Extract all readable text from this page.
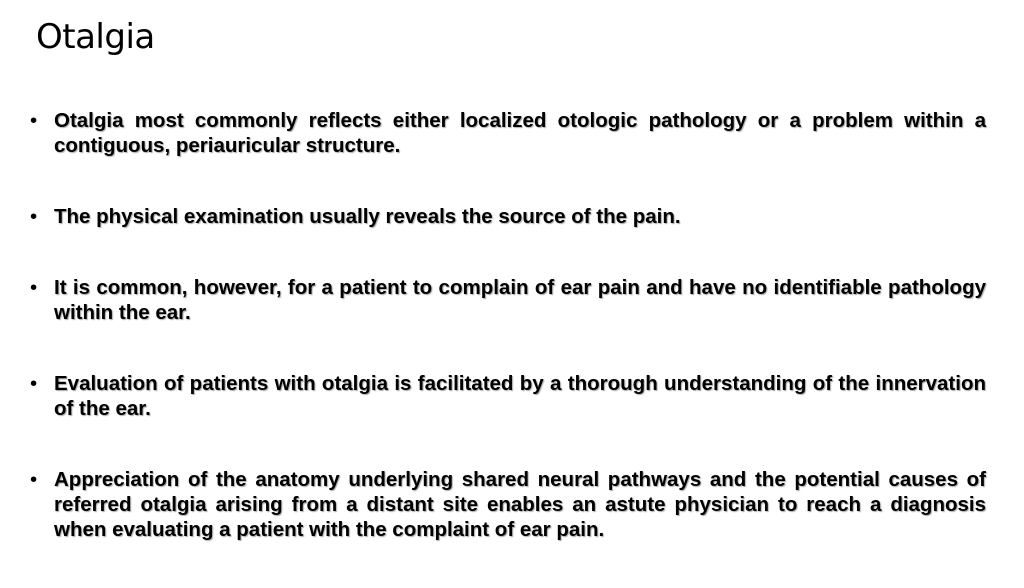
Otalgia
• Otalgia most commonly reflects either localized otologic pathology or a problem within a contiguous, periauricular structure.
• The physical examination usually reveals the source of the pain.
• It is common, however, for a patient to complain of ear pain and have no identifiable pathology within the ear.
• Evaluation of patients with otalgia is facilitated by a thorough understanding of the innervation of the ear.
• Appreciation of the anatomy underlying shared neural pathways and the potential causes of referred otalgia arising from a distant site enables an astute physician to reach a diagnosis when evaluating a patient with the complaint of ear pain.
